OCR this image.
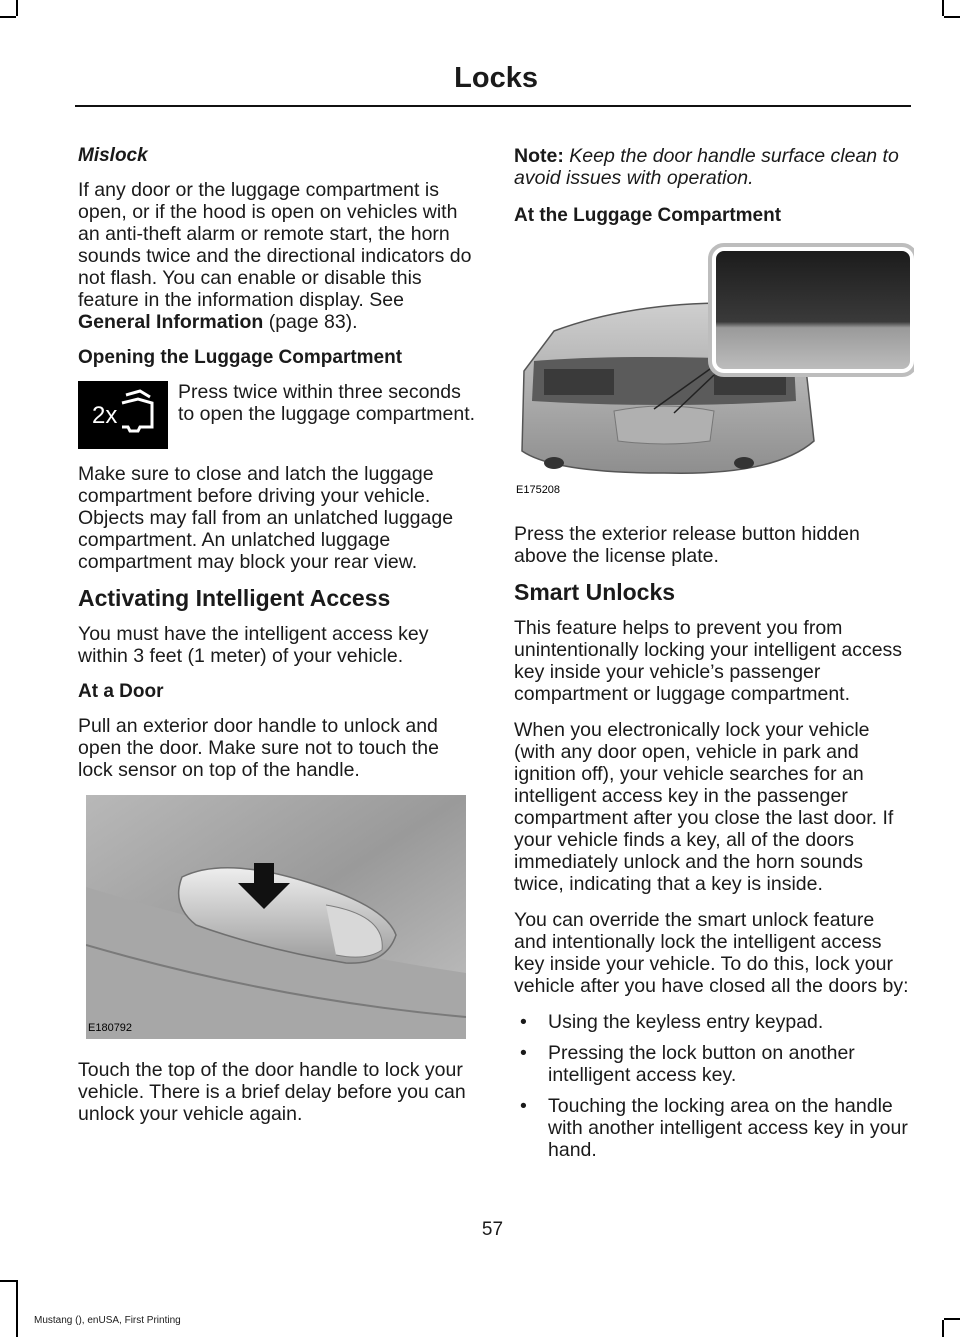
Locks
Mislock

If any door or the luggage compartment is open, or if the hood is open on vehicles with an anti-theft alarm or remote start, the horn sounds twice and the directional indicators do not flash. You can enable or disable this feature in the information display. See General Information (page 83).

Opening the Luggage Compartment
2x
Press twice within three seconds to open the luggage compartment.

Make sure to close and latch the luggage compartment before driving your vehicle. Objects may fall from an unlatched luggage compartment. An unlatched luggage compartment may block your rear view.

Activating Intelligent Access

You must have the intelligent access key within 3 feet (1 meter) of your vehicle.

At a Door

Pull an exterior door handle to unlock and open the door. Make sure not to touch the lock sensor on top of the handle.

E180792

Touch the top of the door handle to lock your vehicle. There is a brief delay before you can unlock your vehicle again.

Note: Keep the door handle surface clean to avoid issues with operation.

At the Luggage Compartment
E175208

Press the exterior release button hidden above the license plate.

Smart Unlocks

This feature helps to prevent you from unintentionally locking your intelligent access key inside your vehicle’s passenger compartment or luggage compartment.

When you electronically lock your vehicle (with any door open, vehicle in park and ignition off), your vehicle searches for an intelligent access key in the passenger compartment after you close the last door. If your vehicle finds a key, all of the doors immediately unlock and the horn sounds twice, indicating that a key is inside.

You can override the smart unlock feature and intentionally lock the intelligent access key inside your vehicle. To do this, lock your vehicle after you have closed all the doors by:

• Using the keyless entry keypad.
• Pressing the lock button on another intelligent access key.
• Touching the locking area on the handle with another intelligent access key in your hand.
57
Mustang (), enUSA, First Printing
